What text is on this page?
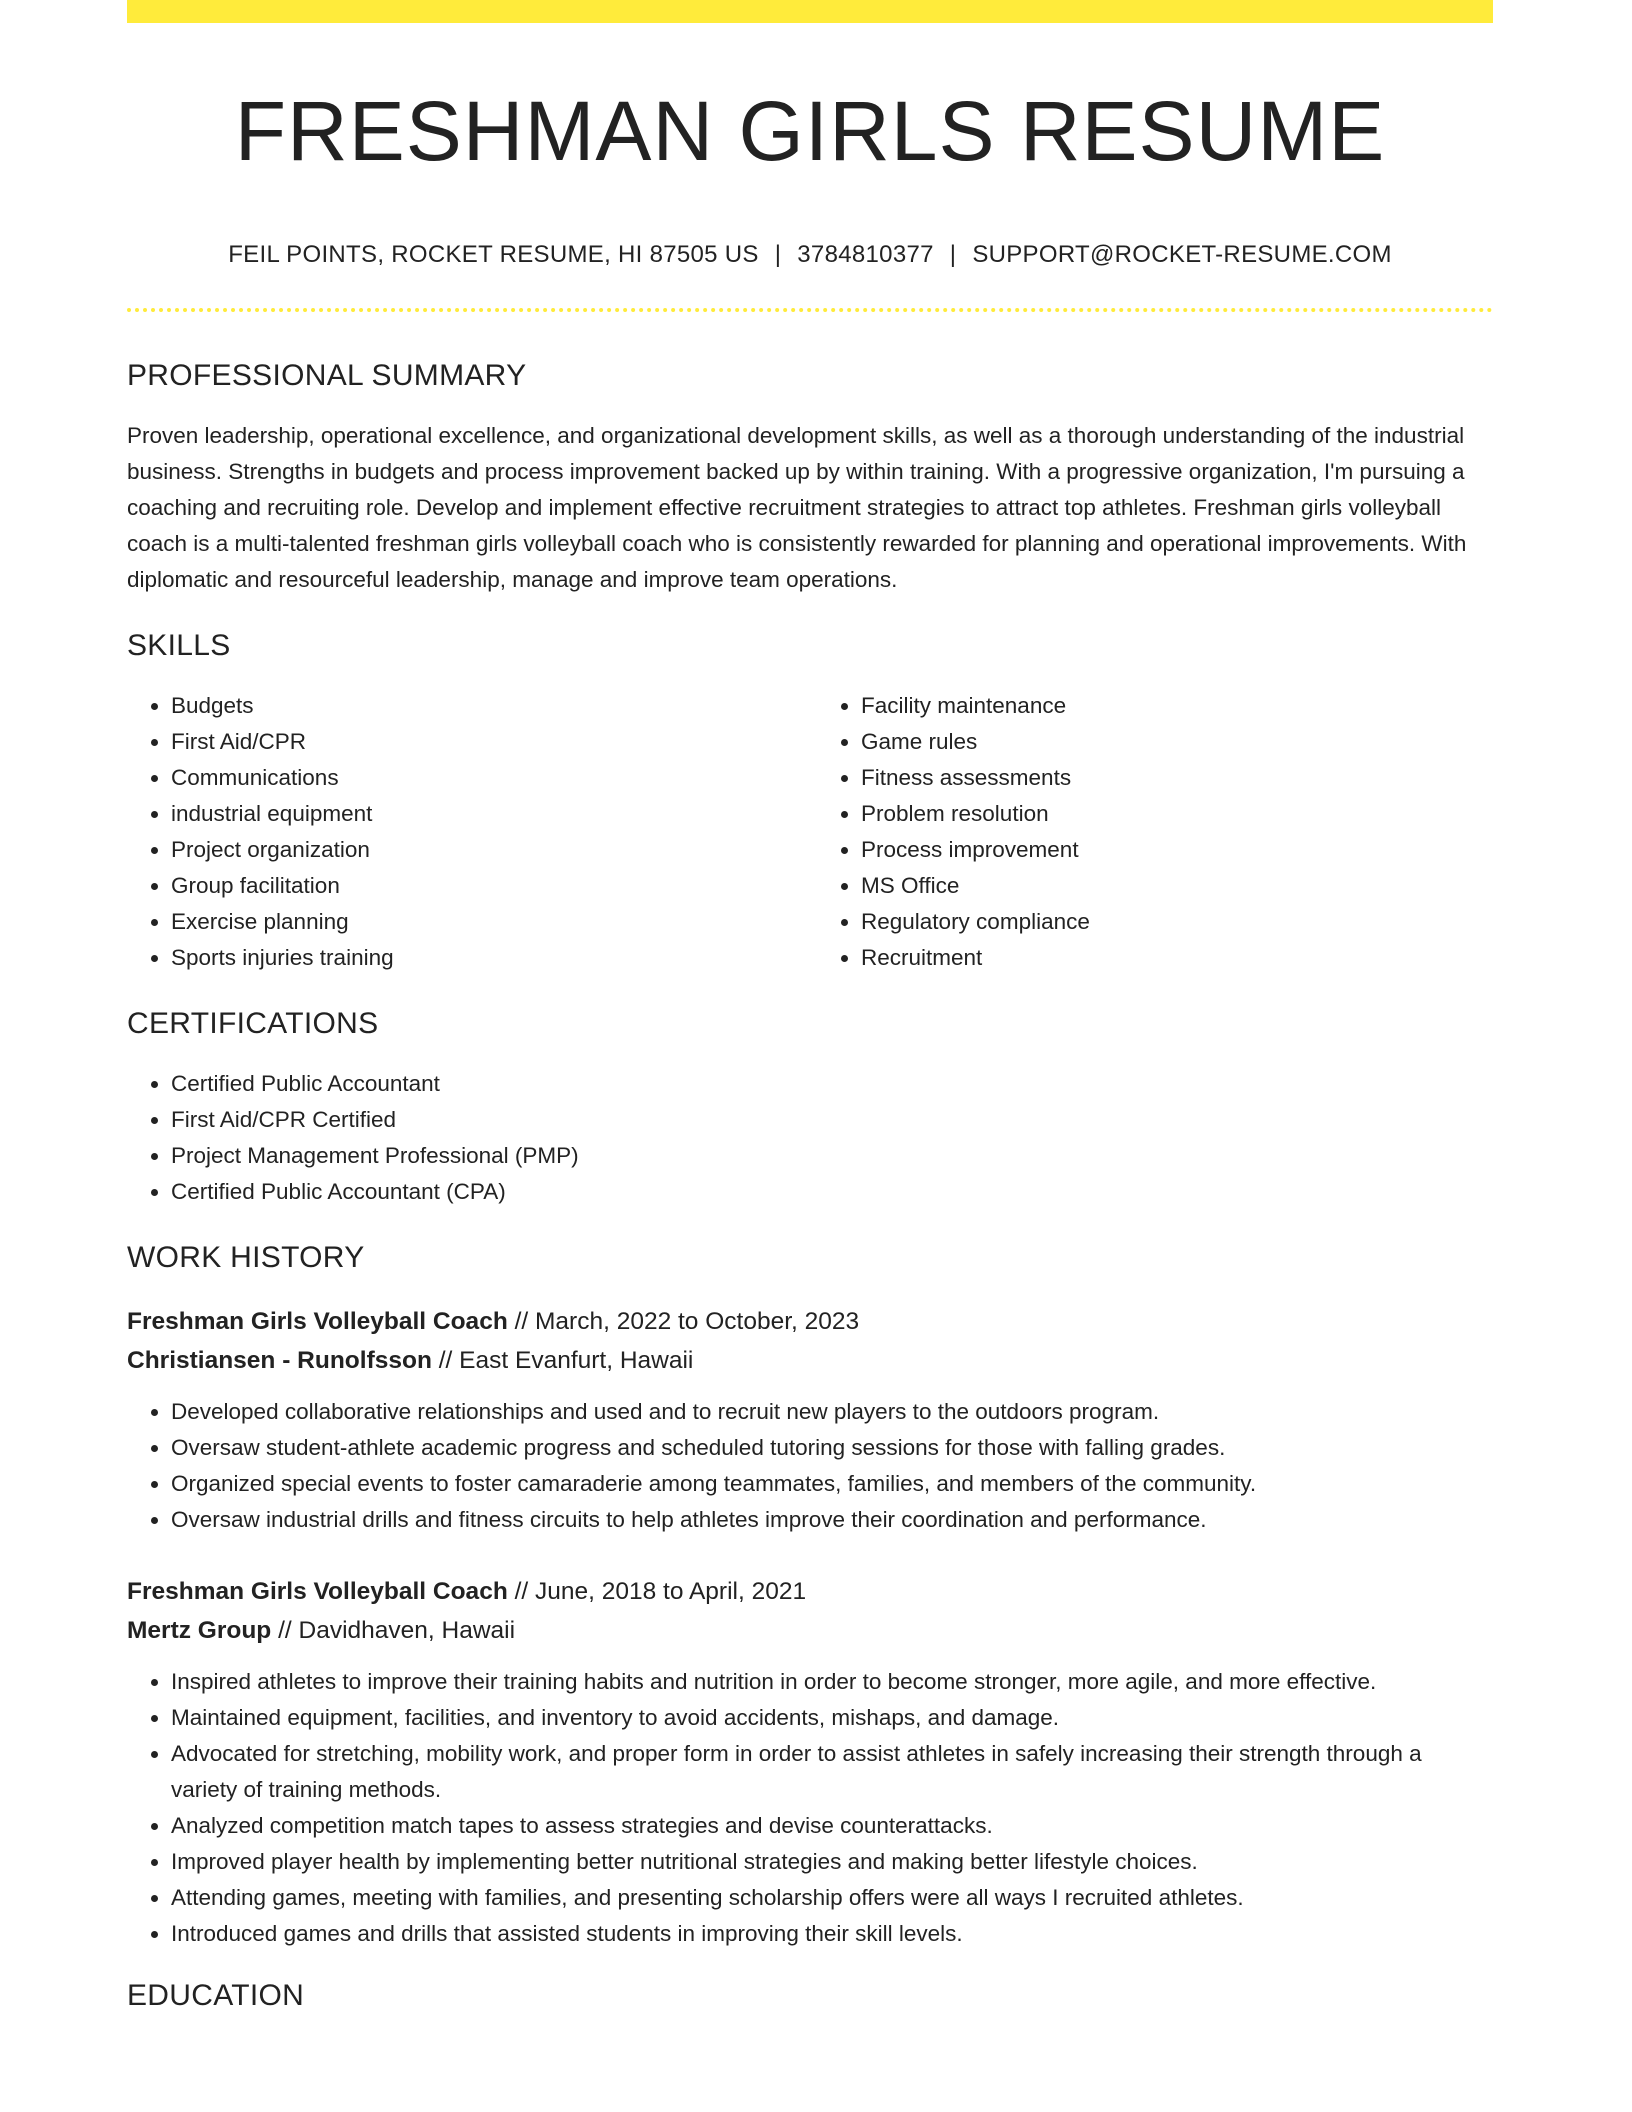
FRESHMAN GIRLS RESUME
FEIL POINTS, ROCKET RESUME, HI 87505 US | 3784810377 | SUPPORT@ROCKET-RESUME.COM
PROFESSIONAL SUMMARY

Proven leadership, operational excellence, and organizational development skills, as well as a thorough understanding of the industrial business. Strengths in budgets and process improvement backed up by within training. With a progressive organization, I'm pursuing a coaching and recruiting role. Develop and implement effective recruitment strategies to attract top athletes. Freshman girls volleyball coach is a multi-talented freshman girls volleyball coach who is consistently rewarded for planning and operational improvements. With diplomatic and resourceful leadership, manage and improve team operations.

SKILLS
• Budgets
• First Aid/CPR
• Communications
• industrial equipment
• Project organization
• Group facilitation
• Exercise planning
• Sports injuries training
• Facility maintenance
• Game rules
• Fitness assessments
• Problem resolution
• Process improvement
• MS Office
• Regulatory compliance
• Recruitment
CERTIFICATIONS
• Certified Public Accountant
• First Aid/CPR Certified
• Project Management Professional (PMP)
• Certified Public Accountant (CPA)
WORK HISTORY
Freshman Girls Volleyball Coach // March, 2022 to October, 2023
Christiansen - Runolfsson // East Evanfurt, Hawaii
• Developed collaborative relationships and used and to recruit new players to the outdoors program.
• Oversaw student-athlete academic progress and scheduled tutoring sessions for those with falling grades.
• Organized special events to foster camaraderie among teammates, families, and members of the community.
• Oversaw industrial drills and fitness circuits to help athletes improve their coordination and performance.
Freshman Girls Volleyball Coach // June, 2018 to April, 2021
Mertz Group // Davidhaven, Hawaii
• Inspired athletes to improve their training habits and nutrition in order to become stronger, more agile, and more effective.
• Maintained equipment, facilities, and inventory to avoid accidents, mishaps, and damage.
• Advocated for stretching, mobility work, and proper form in order to assist athletes in safely increasing their strength through a variety of training methods.
• Analyzed competition match tapes to assess strategies and devise counterattacks.
• Improved player health by implementing better nutritional strategies and making better lifestyle choices.
• Attending games, meeting with families, and presenting scholarship offers were all ways I recruited athletes.
• Introduced games and drills that assisted students in improving their skill levels.
EDUCATION
